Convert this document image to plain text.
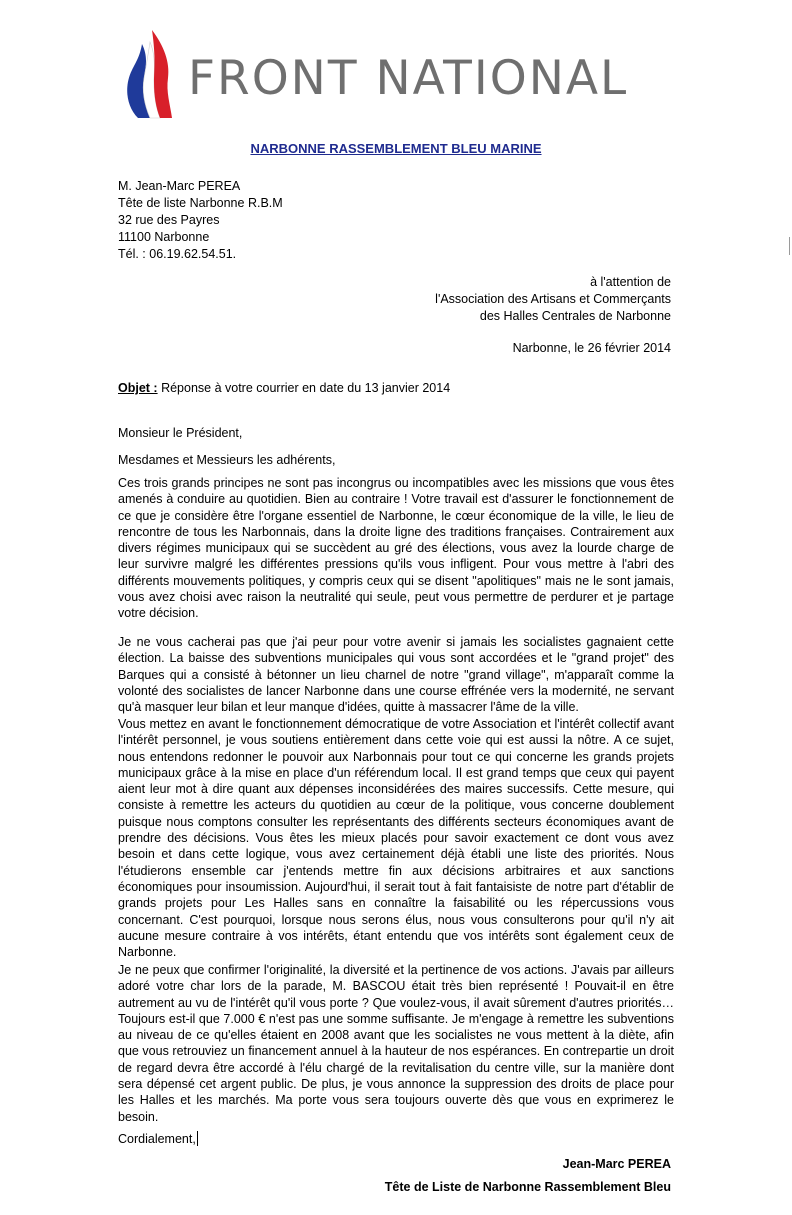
FRONT NATIONAL
NARBONNE RASSEMBLEMENT BLEU MARINE
M. Jean-Marc PEREA
Tête de liste Narbonne R.B.M
32 rue des Payres
11100 Narbonne
Tél. : 06.19.62.54.51.
à l'attention de
l'Association des Artisans et Commerçants
des Halles Centrales de Narbonne
Narbonne, le 26 février 2014
Objet : Réponse à votre courrier en date du 13 janvier 2014
Monsieur le Président,
Mesdames et Messieurs les adhérents,
Ces trois grands principes ne sont pas incongrus ou incompatibles avec les missions que vous êtes amenés à conduire au quotidien. Bien au contraire ! Votre travail est d'assurer le fonctionnement de ce que je considère être l'organe essentiel de Narbonne, le cœur économique de la ville, le lieu de rencontre de tous les Narbonnais, dans la droite ligne des traditions françaises. Contrairement aux divers régimes municipaux qui se succèdent au gré des élections, vous avez la lourde charge de leur survivre malgré les différentes pressions qu'ils vous infligent. Pour vous mettre à l'abri des différents mouvements politiques, y compris ceux qui se disent "apolitiques" mais ne le sont jamais, vous avez choisi avec raison la neutralité qui seule, peut vous permettre de perdurer et je partage votre décision.
Je ne vous cacherai pas que j'ai peur pour votre avenir si jamais les socialistes gagnaient cette élection. La baisse des subventions municipales qui vous sont accordées et le "grand projet" des Barques qui a consisté à bétonner un lieu charnel de notre "grand village", m'apparaît comme la volonté des socialistes de lancer Narbonne dans une course effrénée vers la modernité, ne servant qu'à masquer leur bilan et leur manque d'idées, quitte à massacrer l'âme de la ville.
Vous mettez en avant le fonctionnement démocratique de votre Association et l'intérêt collectif avant l'intérêt personnel, je vous soutiens entièrement dans cette voie qui est aussi la nôtre. A ce sujet, nous entendons redonner le pouvoir aux Narbonnais pour tout ce qui concerne les grands projets municipaux grâce à la mise en place d'un référendum local. Il est grand temps que ceux qui payent aient leur mot à dire quant aux dépenses inconsidérées des maires successifs. Cette mesure, qui consiste à remettre les acteurs du quotidien au cœur de la politique, vous concerne doublement puisque nous comptons consulter les représentants des différents secteurs économiques avant de prendre des décisions. Vous êtes les mieux placés pour savoir exactement ce dont vous avez besoin et dans cette logique, vous avez certainement déjà établi une liste des priorités. Nous l'étudierons ensemble car j'entends mettre fin aux décisions arbitraires et aux sanctions économiques pour insoumission. Aujourd'hui, il serait tout à fait fantaisiste de notre part d'établir de grands projets pour Les Halles sans en connaître la faisabilité ou les répercussions vous concernant. C'est pourquoi, lorsque nous serons élus, nous vous consulterons pour qu'il n'y ait aucune mesure contraire à vos intérêts, étant entendu que vos intérêts sont également ceux de Narbonne.
Je ne peux que confirmer l'originalité, la diversité et la pertinence de vos actions. J'avais par ailleurs adoré votre char lors de la parade, M. BASCOU était très bien représenté ! Pouvait-il en être autrement au vu de l'intérêt qu'il vous porte ? Que voulez-vous, il avait sûrement d'autres priorités… Toujours est-il que 7.000 € n'est pas une somme suffisante. Je m'engage à remettre les subventions au niveau de ce qu'elles étaient en 2008 avant que les socialistes ne vous mettent à la diète, afin que vous retrouviez un financement annuel à la hauteur de nos espérances. En contrepartie un droit de regard devra être accordé à l'élu chargé de la revitalisation du centre ville, sur la manière dont sera dépensé cet argent public. De plus, je vous annonce la suppression des droits de place pour les Halles et les marchés. Ma porte vous sera toujours ouverte dès que vous en exprimerez le besoin.
Cordialement,
Jean-Marc PEREA
Tête de Liste de Narbonne Rassemblement Bleu
